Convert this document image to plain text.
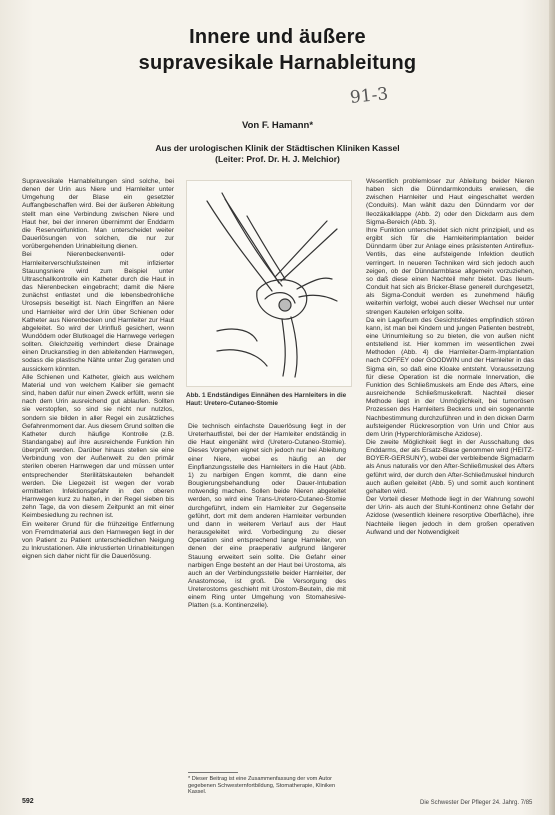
Innere und äußere
supravesikale Harnableitung
91-3
Von F. Hamann*
Aus der urologischen Klinik der Städtischen Kliniken Kassel
(Leiter: Prof. Dr. H. J. Melchior)

Supravesikale Harnableitungen sind solche, bei denen der Urin aus Niere und Harnleiter unter Umgehung der Blase ein gesetzter Auffangbeschaffen wird. Bei der äußeren Ableitung stellt man eine Verbindung zwischen Niere und Haut her, bei der inneren übernimmt der Enddarm die Reservoirfunktion. Man unterscheidet weiter Dauerlösungen von solchen, die nur zur vorübergehenden Urinableitung dienen.

Bei Nierenbeckenventil- oder Harnleiterverschlußsteinen mit infizierter Stauungsniere wird zum Beispiel unter Ultraschallkontrolle ein Katheter durch die Haut in das Nierenbecken eingebracht; damit die Niere zunächst entlastet und die lebensbedrohliche Urosepsis beseitigt ist. Nach Eingriffen an Niere und Harnleiter wird der Urin über Schienen oder Katheter aus Nierenbecken und Harnleiter zur Haut abgeleitet. So wird der Urinfluß gesichert, wenn Wundödem oder Blutkoagel die Harnwege verlegen sollten. Gleichzeitig verhindert diese Drainage einen Druckanstieg in den ableitenden Harnwegen, sodass die plastische Nähte unter Zug geraten und aussickern könnten.

Alle Schienen und Katheter, gleich aus welchem Material und von welchem Kaliber sie gemacht sind, haben dafür nur einen Zweck erfüllt, wenn sie nach dem Urin ausreichend gut ablaufen. Sollten sie verstopfen, so sind sie nicht nur nutzlos, sondern sie bilden in aller Regel ein zusätzliches Gefahrenmoment dar. Aus diesem Grund sollten die Katheter durch häufige Kontrolle (z.B. Standangabe) auf ihre ausreichende Funktion hin überprüft werden. Darüber hinaus stellen sie eine Verbindung von der Außenwelt zu den primär sterilen oberen Harnwegen dar und müssen unter entsprechender Sterilitätskautelen behandelt werden. Die Liegezeit ist wegen der vorab ermittelten Infektionsgefahr in den oberen Harnwegen kurz zu halten, in der Regel sieben bis zehn Tage, da von diesem Zeitpunkt an mit einer Keimbesiedlung zu rechnen ist.

Ein weiterer Grund für die frühzeitige Entfernung von Fremdmaterial aus den Harnwegen liegt in der von Patient zu Patient unterschiedlichen Neigung zu Inkrustationen. Alle inkrustierten Urinableitungen eignen sich daher nicht für die Dauerlösung.

Abb. 1 Endständiges Einnähen des Harnleiters in die Haut: Uretero-Cutaneo-Stomie

Die technisch einfachste Dauerlösung liegt in der Ureterhautfistel, bei der der Harnleiter endständig in die Haut eingenäht wird (Uretero-Cutaneo-Stomie). Dieses Vorgehen eignet sich jedoch nur bei Ableitung einer Niere, wobei es häufig an der Einpflanzungsstelle des Harnleiters in die Haut (Abb. 1) zu narbigen Engen kommt, die dann eine Bougierungsbehandlung oder Dauer-Intubation notwendig machen. Sollen beide Nieren abgeleitet werden, so wird eine Trans-Uretero-Cutaneo-Stomie durchgeführt, indem ein Harnleiter zur Gegenseite geführt, dort mit dem anderen Harnleiter verbunden und dann in weiterem Verlauf aus der Haut herausgeleitet wird. Vorbedingung zu dieser Operation sind entsprechend lange Harnleiter, von denen der eine praeperativ aufgrund längerer Stauung erweitert sein sollte. Die Gefahr einer narbigen Enge besteht an der Haut bei Urostoma, als auch an der Verbindungsstelle beider Harnleiter, der Anastomose, ist groß. Die Versorgung des Ureterostoms geschieht mit Urostom-Beuteln, die mit einem Ring unter Umgehung von Stomahesive-Platten (s.a. Kontinenzelle).

Wesentlich problemloser zur Ableitung beider Nieren haben sich die Dünndarmkonduits erwiesen, die zwischen Harnleiter und Haut eingeschaltet werden (Conduits). Man wählt dazu den Dünndarm vor der Ileozäkalklappe (Abb. 2) oder den Dickdarm aus dem Sigma-Bereich (Abb. 3).

Ihre Funktion unterscheidet sich nicht prinzipiell, und es ergibt sich für die Harnleiterimplantation beider Dünndarm über zur Anlage eines präsistenten Antireflux-Ventils, das eine aufsteigende Infektion deutlich verringert. In neueren Techniken wird sich jedoch auch zeigen, ob der Dünndarmblase allgemein vorzuziehen, so daß diese einen Nachteil mehr bietet. Das Ileum-Conduit hat sich als Bricker-Blase generell durchgesetzt, als Sigma-Conduit werden es zunehmend häufig weiterhin verfolgt, wobei auch dieser Wechsel nur unter strengen Kautelen erfolgen sollte.

Da ein Lagefixum des Gesichtsfeldes empfindlich stören kann, ist man bei Kindern und jungen Patienten bestrebt, eine Urinumleitung so zu bieten, die von außen nicht entstellend ist. Hier kommen im wesentlichen zwei Methoden (Abb. 4) die Harnleiter-Darm-Implantation nach COFFEY oder GOODWIN und der Harnleiter in das Sigma ein, so daß eine Kloake entsteht. Voraussetzung für diese Operation ist die normale Innervation, die Funktion des Schließmuskels am Ende des Afters, eine ausreichende Schließmuskelkraft. Nachteil dieser Methode liegt in der Unmöglichkeit, bei tumorösen Prozessen des Harnleiters Beckens und ein sogenannte Nachbestimmung durchzuführen und in den dicken Darm aufsteigender Rückresorption von Urin und Chlor aus dem Urin (Hyperchlorämische Azidose).

Die zweite Möglichkeit liegt in der Ausschaltung des Enddarms, der als Ersatz-Blase genommen wird (HEITZ-BOYER-GERSUNY), wobei der verbleibende Sigmadarm als Anus naturalis vor den After-Schließmuskel des Afters geführt wird, der durch den After-Schließmuskel hindurch auch außen geleitet (Abb. 5) und somit auch kontinent gehalten wird.

Der Vorteil dieser Methode liegt in der Wahrung sowohl der Urin- als auch der Stuhl-Kontinenz ohne Gefahr der Azidose (wesentlich kleinere resorptive Oberfläche), ihre Nachteile liegen jedoch in dem großen operativen Aufwand und der Notwendigkeit

* Dieser Beitrag ist eine Zusammenfassung der vom Autor gegebenen Schwesternfortbildung, Stomatherapie, Kliniken Kassel.
592	Die Schwester Der Pfleger 24. Jahrg. 7/85
